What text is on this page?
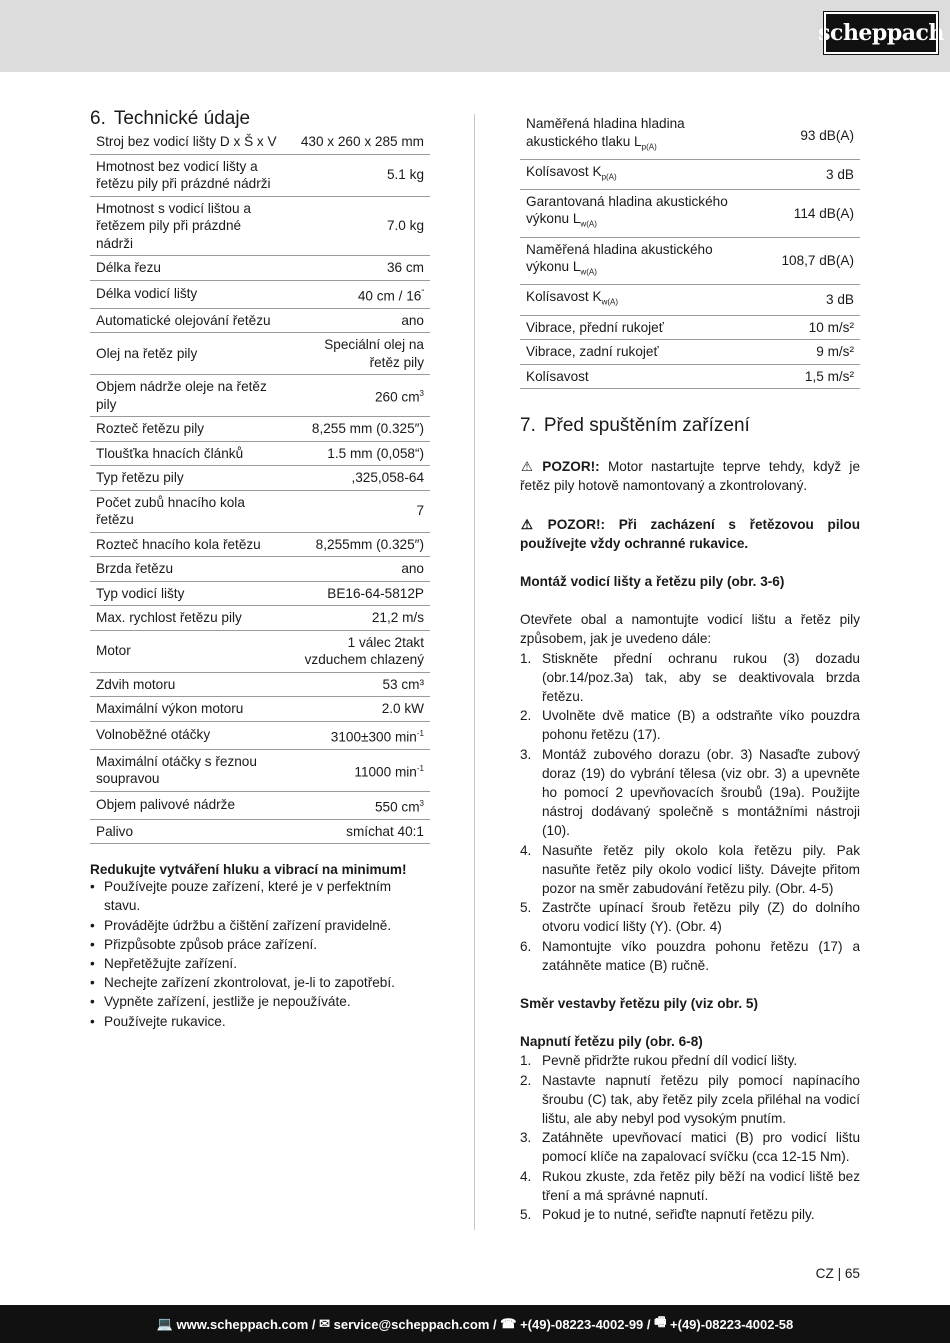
scheppach
6. Technické údaje
Stroj bez vodicí lišty D x Š x V	430 x 260 x 285 mm
Hmotnost bez vodicí lišty a řetězu pily při prázdné nádrži	5.1 kg
Hmotnost s vodicí lištou a řetězem pily při prázdné nádrži	7.0 kg
Délka řezu	36 cm
Délka vodicí lišty	40 cm / 16“
Automatické olejování řetězu	ano
Olej na řetěz pily	Speciální olej na řetěz pily
Objem nádrže oleje na řetěz pily	260 $cm^3$
Rozteč řetězu pily	8,255 mm (0.325″)
Tloušťka hnacích článků	1.5 mm (0,058“)
Typ řetězu pily	,325,058-64
Počet zubů hnacího kola řetězu	7
Rozteč hnacího kola řetězu	8,255mm (0.325″)
Brzda řetězu	ano
Typ vodicí lišty	BE16-64-5812P
Max. rychlost řetězu pily	21,2 m/s
Motor	1 válec 2takt vzduchem chlazený
Zdvih motoru	53 cm³
Maximální výkon motoru	2.0 kW
Volnoběžné otáčky	3100±300 $\min^{-1}$
Maximální otáčky s řeznou soupravou	11000 $\min^{-1}$
Objem palivové nádrže	550 $cm^3$
Palivo	smíchat 40:1
Redukujte vytváření hluku a vibrací na minimum!
• Používejte pouze zařízení, které je v perfektním stavu.
• Provádějte údržbu a čištění zařízení pravidelně.
• Přizpůsobte způsob práce zařízení.
• Nepřetěžujte zařízení.
• Nechejte zařízení zkontrolovat, je-li to zapotřebí.
• Vypněte zařízení, jestliže je nepoužíváte.
• Používejte rukavice.
Naměřená hladina hladina akustického tlaku $L_{p(A)}$	93 dB(A)
Kolísavost $K_{p(A)}$	3 dB
Garantovaná hladina akustického výkonu $L_{w(A)}$	114 dB(A)
Naměřená hladina akustického výkonu $L_{w(A)}$	108,7 dB(A)
Kolísavost $K_{w(A)}$	3 dB
Vibrace, přední rukojeť	10 m/s²
Vibrace, zadní rukojeť	9 m/s²
Kolísavost	1,5 m/s²
7. Před spuštěním zařízení

⚠ POZOR!: Motor nastartujte teprve tehdy, když je řetěz pily hotově namontovaný a zkontrolovaný.

⚠ POZOR!: Při zacházení s řetězovou pilou používejte vždy ochranné rukavice.

Montáž vodicí lišty a řetězu pily (obr. 3-6)

Otevřete obal a namontujte vodicí lištu a řetěz pily způsobem, jak je uvedeno dále:

1. Stiskněte přední ochranu rukou (3) dozadu (obr.14/poz.3a) tak, aby se deaktivovala brzda řetězu.
2. Uvolněte dvě matice (B) a odstraňte víko pouzdra pohonu řetězu (17).
3. Montáž zubového dorazu (obr. 3) Nasaďte zubový doraz (19) do vybrání tělesa (viz obr. 3) a upevněte ho pomocí 2 upevňovacích šroubů (19a). Použijte nástroj dodávaný společně s montážními nástroji (10).
4. Nasuňte řetěz pily okolo kola řetězu pily. Pak nasuňte řetěz pily okolo vodicí lišty. Dávejte přitom pozor na směr zabudování řetězu pily. (Obr. 4-5)
5. Zastrčte upínací šroub řetězu pily (Z) do dolního otvoru vodicí lišty (Y). (Obr. 4)
6. Namontujte víko pouzdra pohonu řetězu (17) a zatáhněte matice (B) ručně.

Směr vestavby řetězu pily (viz obr. 5)

Napnutí řetězu pily (obr. 6-8)

1. Pevně přidržte rukou přední díl vodicí lišty.
2. Nastavte napnutí řetězu pily pomocí napínacího šroubu (C) tak, aby řetěz pily zcela přiléhal na vodicí lištu, ale aby nebyl pod vysokým pnutím.
3. Zatáhněte upevňovací matici (B) pro vodicí lištu pomocí klíče na zapalovací svíčku (cca 12-15 Nm).
4. Rukou zkuste, zda řetěz pily běží na vodicí liště bez tření a má správné napnutí.
5. Pokud je to nutné, seřiďte napnutí řetězu pily.
CZ | 65
💻 www.scheppach.com / ✉ service@scheppach.com / ☎ +(49)-08223-4002-99 / 🖷 +(49)-08223-4002-58
